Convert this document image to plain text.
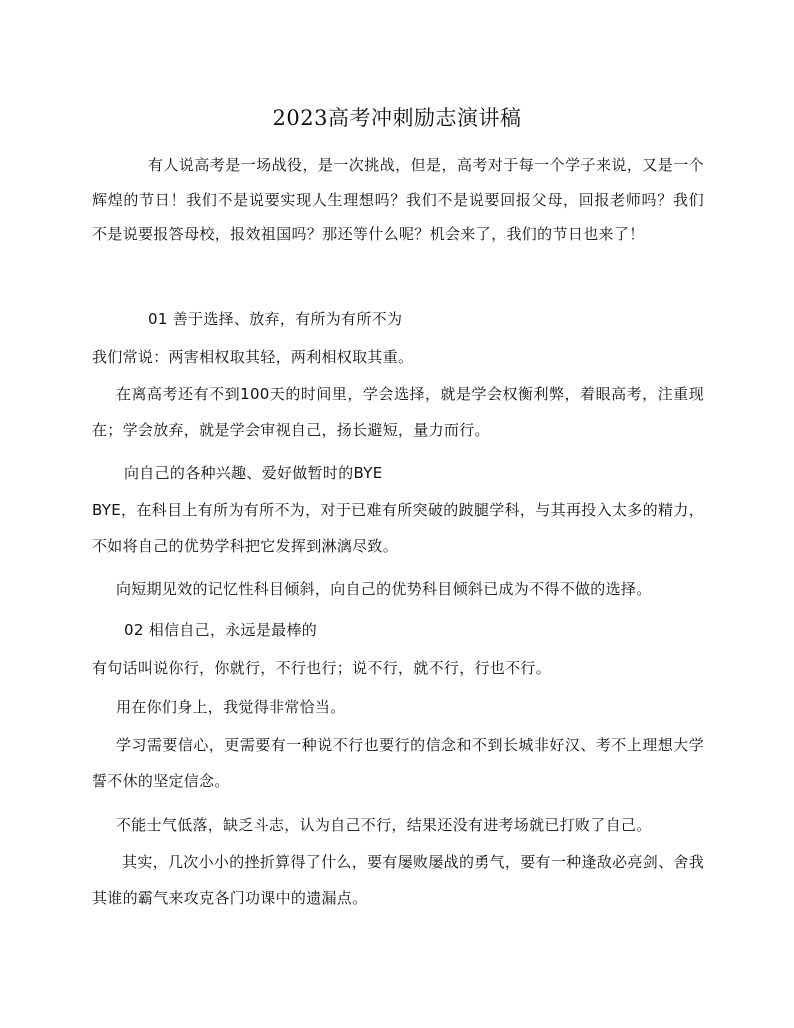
2023高考冲刺励志演讲稿

有人说高考是一场战役，是一次挑战，但是，高考对于每一个学子来说，又是一个辉煌的节日！我们不是说要实现人生理想吗？我们不是说要回报父母，回报老师吗？我们不是说要报答母校，报效祖国吗？那还等什么呢？机会来了，我们的节日也来了！

01 善于选择、放弃，有所为有所不为
我们常说：两害相权取其轻，两利相权取其重。

在离高考还有不到100天的时间里，学会选择，就是学会权衡利弊，着眼高考，注重现在；学会放弃，就是学会审视自己，扬长避短，量力而行。

向自己的各种兴趣、爱好做暂时的BYE

BYE，在科目上有所为有所不为，对于已难有所突破的跛腿学科，与其再投入太多的精力，不如将自己的优势学科把它发挥到淋漓尽致。

向短期见效的记忆性科目倾斜，向自己的优势科目倾斜已成为不得不做的选择。
02 相信自己，永远是最棒的
有句话叫说你行，你就行，不行也行；说不行，就不行，行也不行。
用在你们身上，我觉得非常恰当。

学习需要信心，更需要有一种说不行也要行的信念和不到长城非好汉、考不上理想大学誓不休的坚定信念。

不能士气低落，缺乏斗志，认为自己不行，结果还没有进考场就已打败了自己。

其实，几次小小的挫折算得了什么，要有屡败屡战的勇气，要有一种逢敌必亮剑、舍我其谁的霸气来攻克各门功课中的遗漏点。
